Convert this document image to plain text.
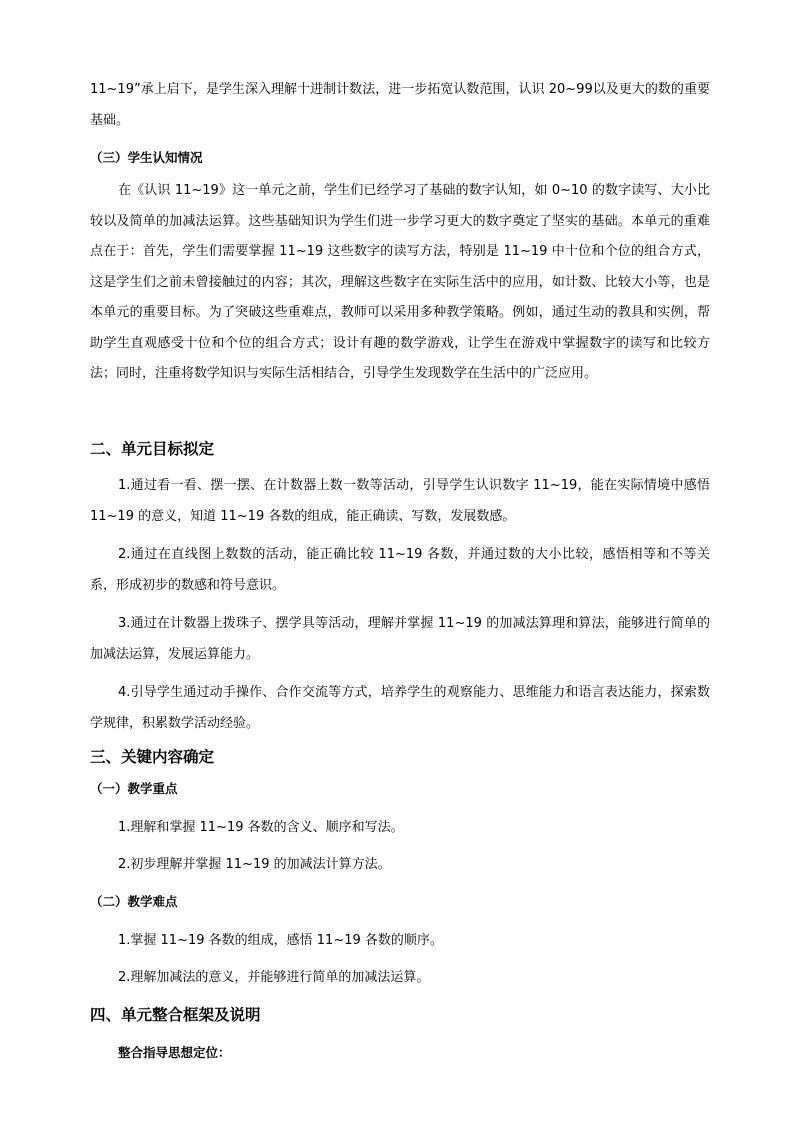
11~19”承上启下，是学生深入理解十进制计数法，进一步拓宽认数范围，认识 20~99以及更大的数的重要基础。

（三）学生认知情况

在《认识 11~19》这一单元之前，学生们已经学习了基础的数字认知，如 0~10 的数字读写、大小比较以及简单的加减法运算。这些基础知识为学生们进一步学习更大的数字奠定了坚实的基础。本单元的重难点在于：首先，学生们需要掌握 11~19 这些数字的读写方法，特别是 11~19 中十位和个位的组合方式，这是学生们之前未曾接触过的内容；其次，理解这些数字在实际生活中的应用，如计数、比较大小等，也是本单元的重要目标。为了突破这些重难点，教师可以采用多种教学策略。例如，通过生动的教具和实例，帮助学生直观感受十位和个位的组合方式；设计有趣的数学游戏，让学生在游戏中掌握数字的读写和比较方法；同时，注重将数学知识与实际生活相结合，引导学生发现数学在生活中的广泛应用。

二、单元目标拟定

1.通过看一看、摆一摆、在计数器上数一数等活动，引导学生认识数字 11~19，能在实际情境中感悟 11~19 的意义，知道 11~19 各数的组成，能正确读、写数，发展数感。

2.通过在直线图上数数的活动，能正确比较 11~19 各数，并通过数的大小比较，感悟相等和不等关系，形成初步的数感和符号意识。

3.通过在计数器上拨珠子、摆学具等活动，理解并掌握 11~19 的加减法算理和算法，能够进行简单的加减法运算，发展运算能力。

4.引导学生通过动手操作、合作交流等方式，培养学生的观察能力、思维能力和语言表达能力，探索数学规律，积累数学活动经验。

三、关键内容确定

（一）教学重点

1.理解和掌握 11~19 各数的含义、顺序和写法。

2.初步理解并掌握 11~19 的加减法计算方法。

（二）教学难点

1.掌握 11~19 各数的组成，感悟 11~19 各数的顺序。

2.理解加减法的意义，并能够进行简单的加减法运算。

四、单元整合框架及说明

整合指导思想定位：
